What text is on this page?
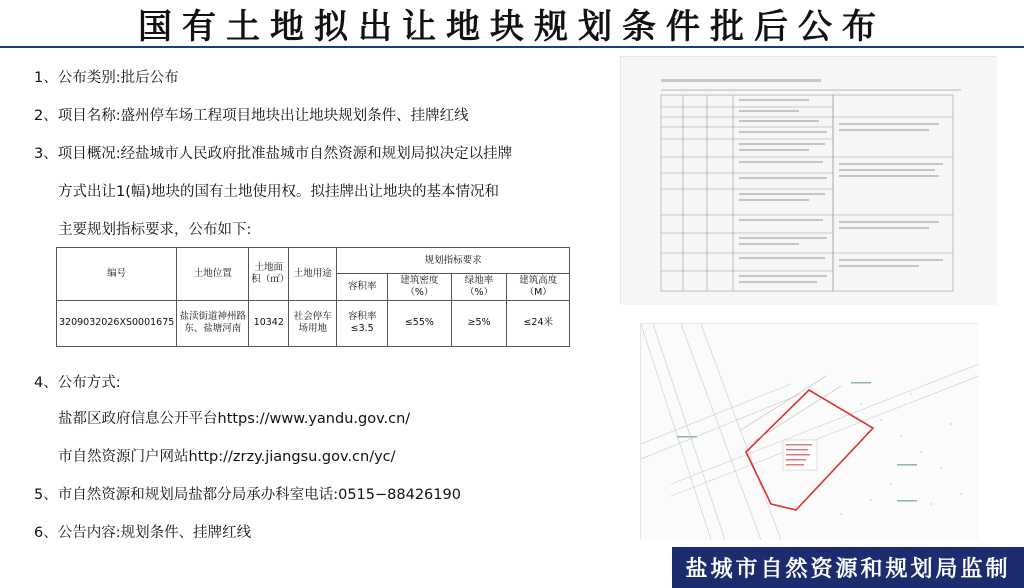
国有土地拟出让地块规划条件批后公布
1、公布类别:批后公布
2、项目名称:盛州停车场工程项目地块出让地块规划条件、挂牌红线
3、项目概况:经盐城市人民政府批准盐城市自然资源和规划局拟决定以挂牌
方式出让1(幅)地块的国有土地使用权。拟挂牌出让地块的基本情况和
主要规划指标要求，公布如下:
编号	土地位置	土地面积（㎡）	土地用途	规划指标要求			
				容积率	建筑密度（%）	绿地率（%）	建筑高度（M）
3209032026XS0001675	盐渎街道神州路东、盐塘河南	10342	社会停车场用地	容积率≤3.5	≤55%	≥5%	≤24米
4、公布方式:
盐都区政府信息公开平台https://www.yandu.gov.cn/
市自然资源门户网站http://zrzy.jiangsu.gov.cn/yc/
5、市自然资源和规划局盐都分局承办科室电话:0515−88426190
6、公告内容:规划条件、挂牌红线
盐城市自然资源和规划局监制
